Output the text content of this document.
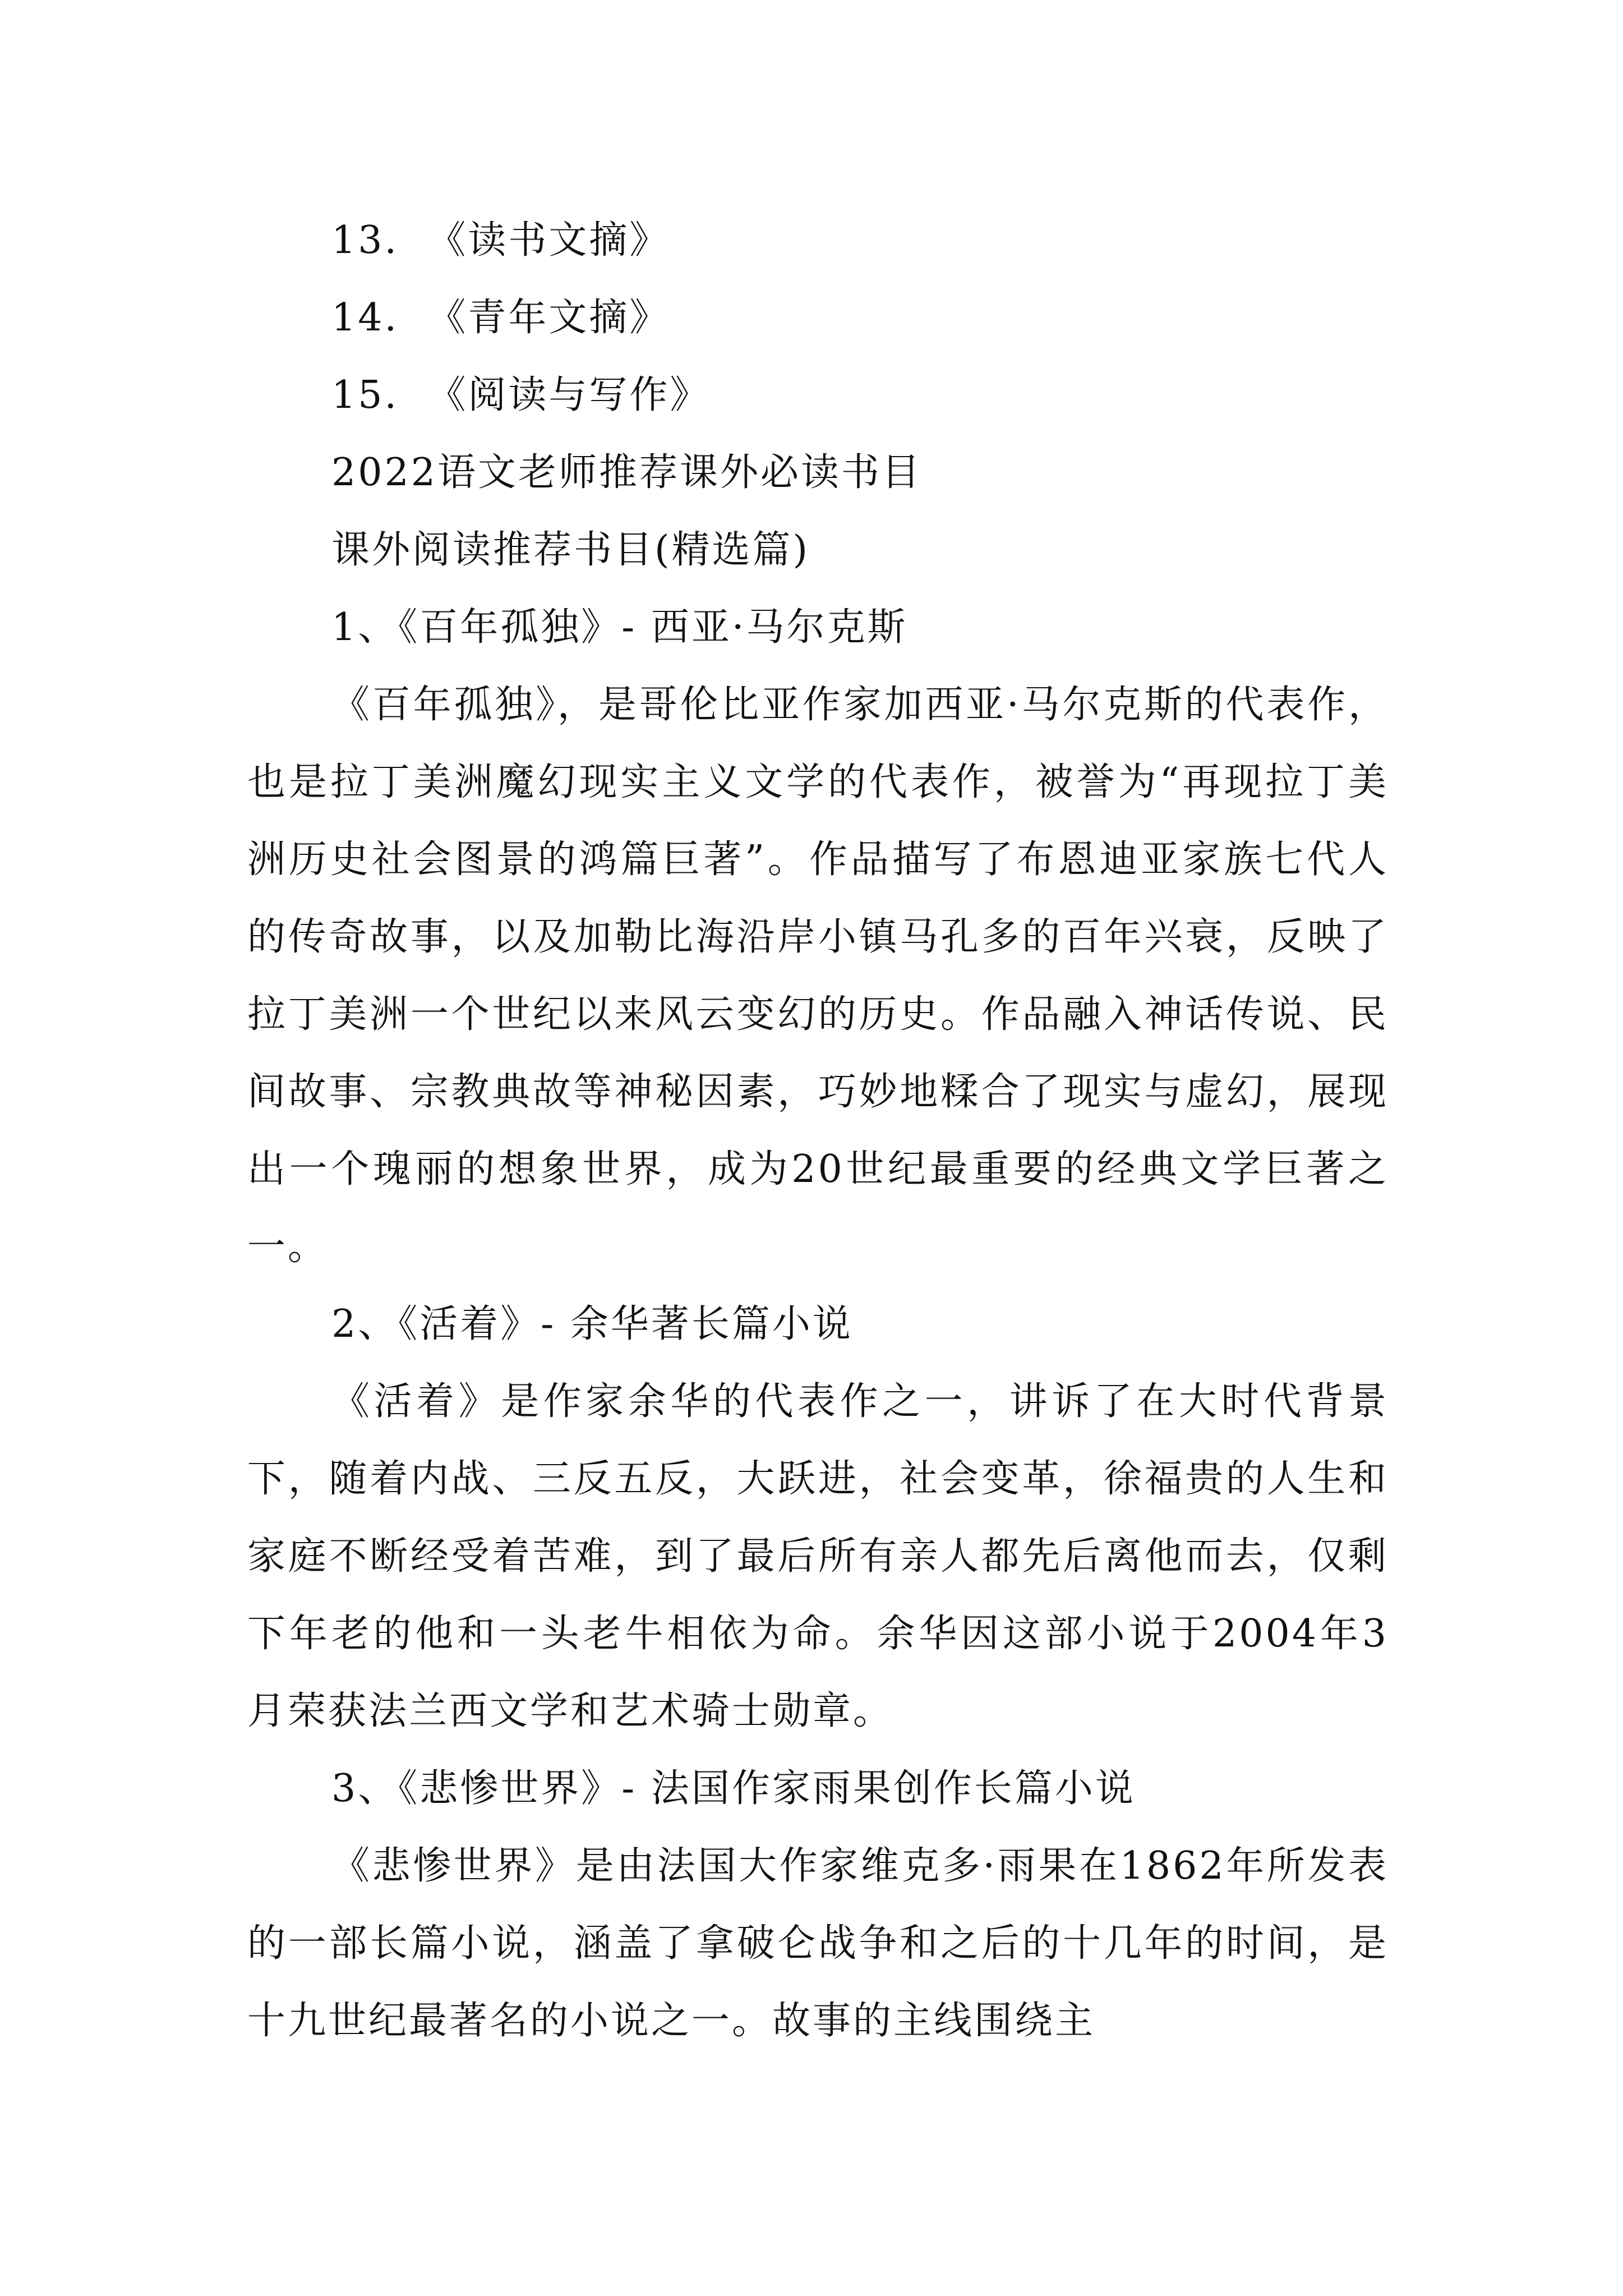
13.  《读书文摘》
14.  《青年文摘》
15.  《阅读与写作》
2022语文老师推荐课外必读书目
课外阅读推荐书目(精选篇)
1、《百年孤独》- 西亚·马尔克斯
《百年孤独》，是哥伦比亚作家加西亚·马尔克斯的代表作，也是拉丁美洲魔幻现实主义文学的代表作，被誉为“再现拉丁美洲历史社会图景的鸿篇巨著”。作品描写了布恩迪亚家族七代人的传奇故事，以及加勒比海沿岸小镇马孔多的百年兴衰，反映了拉丁美洲一个世纪以来风云变幻的历史。作品融入神话传说、民间故事、宗教典故等神秘因素，巧妙地糅合了现实与虚幻，展现出一个瑰丽的想象世界，成为20世纪最重要的经典文学巨著之一。
2、《活着》- 余华著长篇小说
《活着》是作家余华的代表作之一，讲诉了在大时代背景下，随着内战、三反五反，大跃进，社会变革，徐福贵的人生和家庭不断经受着苦难，到了最后所有亲人都先后离他而去，仅剩下年老的他和一头老牛相依为命。余华因这部小说于2004年3月荣获法兰西文学和艺术骑士勋章。
3、《悲惨世界》- 法国作家雨果创作长篇小说
《悲惨世界》是由法国大作家维克多·雨果在1862年所发表的一部长篇小说，涵盖了拿破仑战争和之后的十几年的时间，是十九世纪最著名的小说之一。故事的主线围绕主
